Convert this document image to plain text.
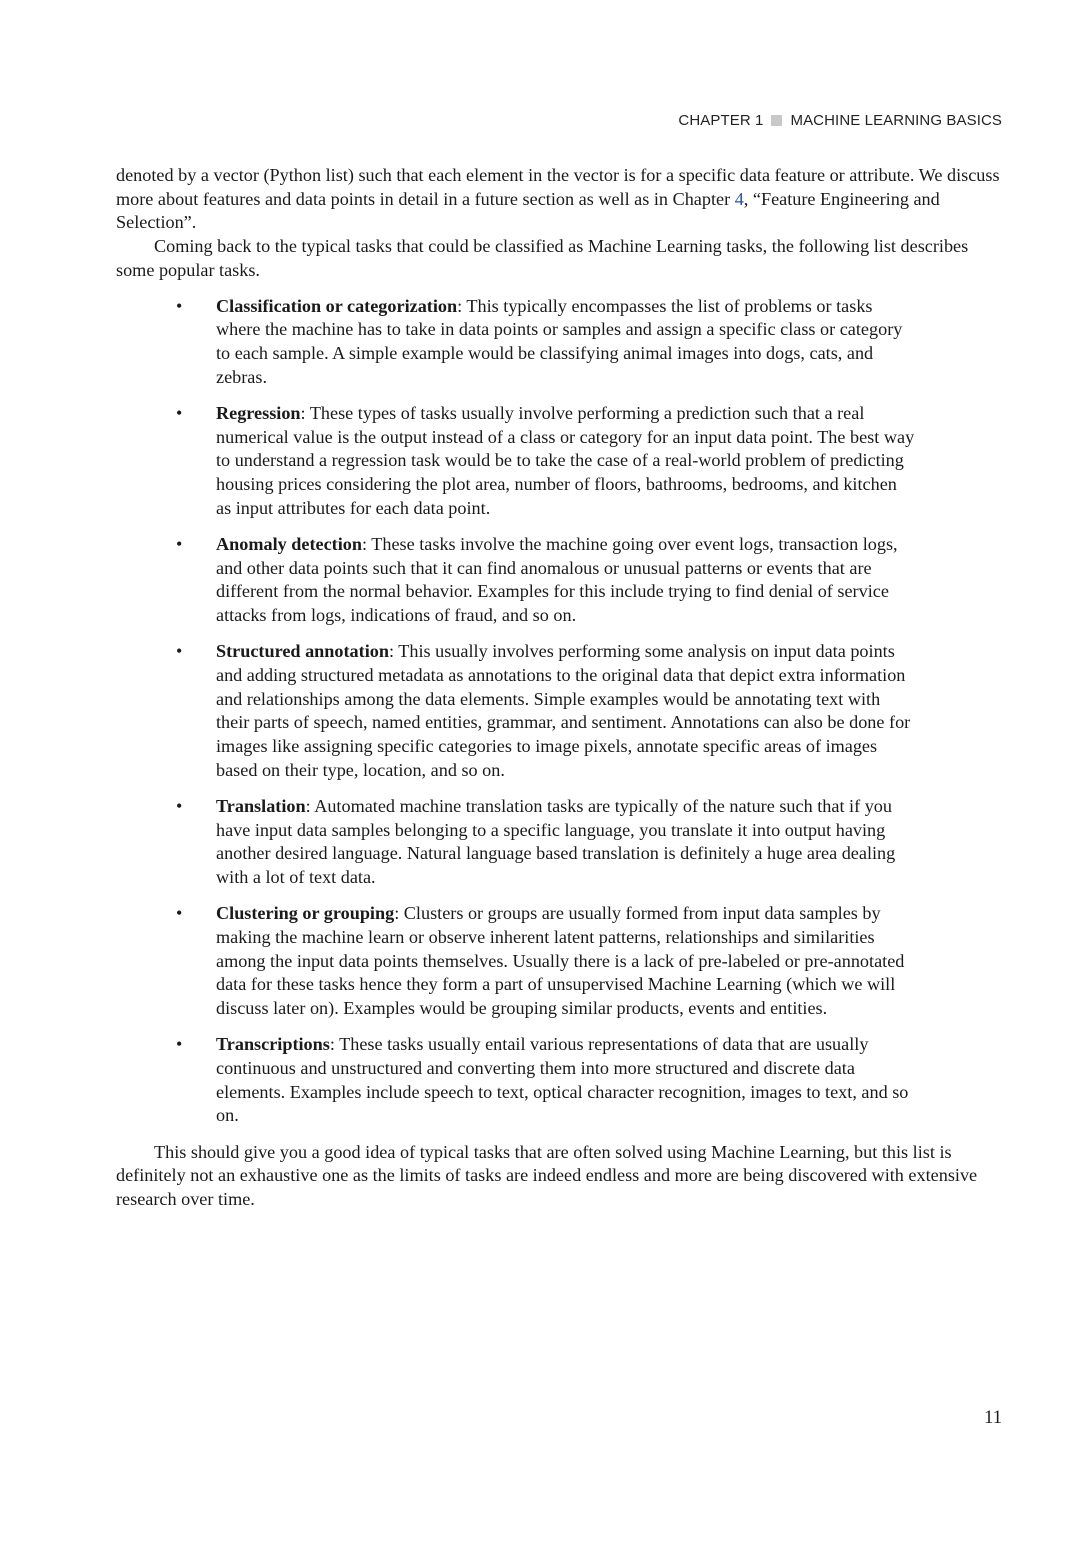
CHAPTER 1 MACHINE LEARNING BASICS

denoted by a vector (Python list) such that each element in the vector is for a specific data feature or attribute. We discuss more about features and data points in detail in a future section as well as in Chapter 4, “Feature Engineering and Selection”.

Coming back to the typical tasks that could be classified as Machine Learning tasks, the following list describes some popular tasks.

• Classification or categorization: This typically encompasses the list of problems or tasks where the machine has to take in data points or samples and assign a specific class or category to each sample. A simple example would be classifying animal images into dogs, cats, and zebras.
• Regression: These types of tasks usually involve performing a prediction such that a real numerical value is the output instead of a class or category for an input data point. The best way to understand a regression task would be to take the case of a real-world problem of predicting housing prices considering the plot area, number of floors, bathrooms, bedrooms, and kitchen as input attributes for each data point.
• Anomaly detection: These tasks involve the machine going over event logs, transaction logs, and other data points such that it can find anomalous or unusual patterns or events that are different from the normal behavior. Examples for this include trying to find denial of service attacks from logs, indications of fraud, and so on.
• Structured annotation: This usually involves performing some analysis on input data points and adding structured metadata as annotations to the original data that depict extra information and relationships among the data elements. Simple examples would be annotating text with their parts of speech, named entities, grammar, and sentiment. Annotations can also be done for images like assigning specific categories to image pixels, annotate specific areas of images based on their type, location, and so on.
• Translation: Automated machine translation tasks are typically of the nature such that if you have input data samples belonging to a specific language, you translate it into output having another desired language. Natural language based translation is definitely a huge area dealing with a lot of text data.
• Clustering or grouping: Clusters or groups are usually formed from input data samples by making the machine learn or observe inherent latent patterns, relationships and similarities among the input data points themselves. Usually there is a lack of pre-labeled or pre-annotated data for these tasks hence they form a part of unsupervised Machine Learning (which we will discuss later on). Examples would be grouping similar products, events and entities.
• Transcriptions: These tasks usually entail various representations of data that are usually continuous and unstructured and converting them into more structured and discrete data elements. Examples include speech to text, optical character recognition, images to text, and so on.

This should give you a good idea of typical tasks that are often solved using Machine Learning, but this list is definitely not an exhaustive one as the limits of tasks are indeed endless and more are being discovered with extensive research over time.

11
